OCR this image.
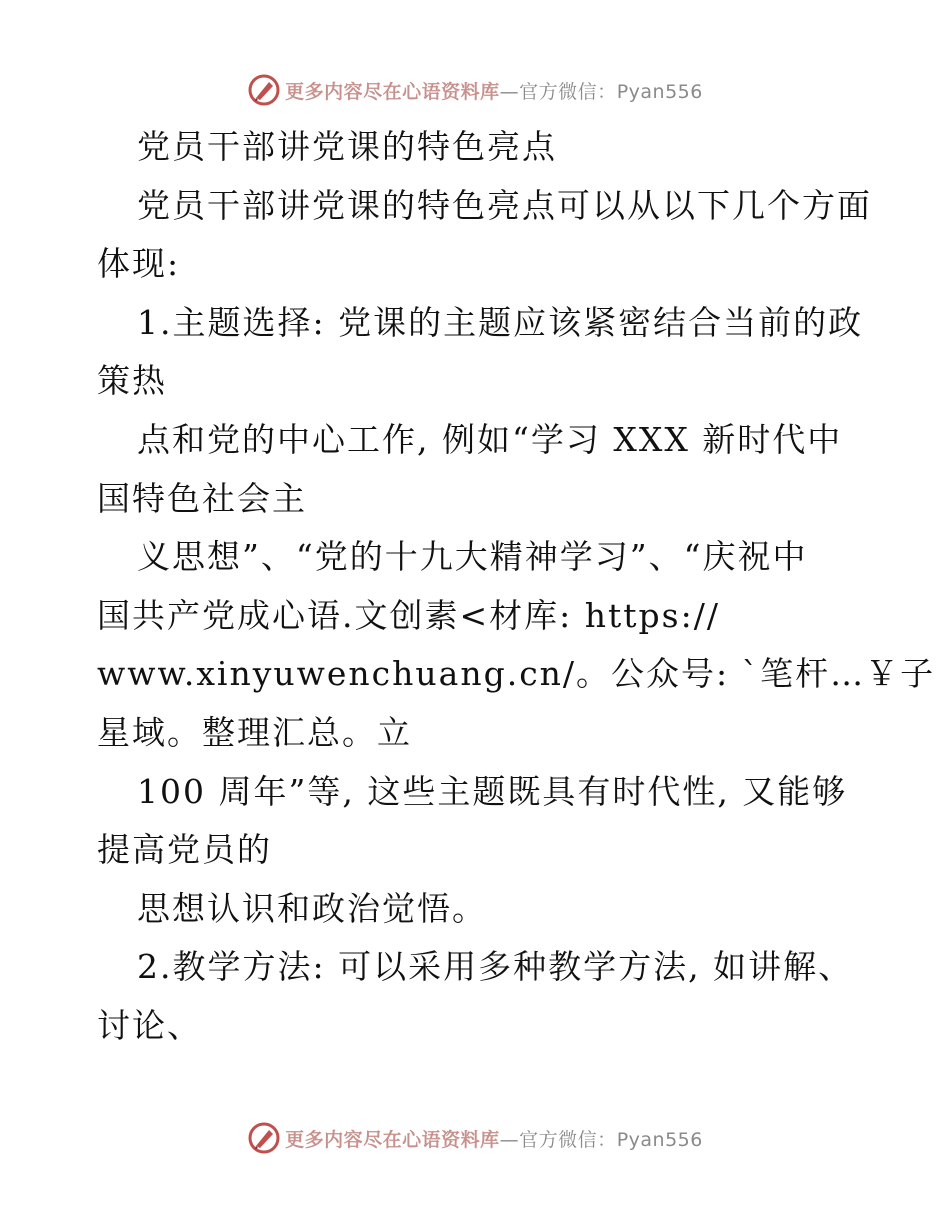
更多内容尽在心语资料库—官方微信：Pyan556
党员干部讲党课的特色亮点
党员干部讲党课的特色亮点可以从以下几个方面
体现:
1.主题选择: 党课的主题应该紧密结合当前的政
策热
点和党的中心工作, 例如“学习 XXX 新时代中
国特色社会主
义思想”、“党的十九大精神学习”、“庆祝中
国共产党成心语.文创素<材库: https://
www.xinyuwenchuang.cn/。公众号: `笔杆…￥子
星域。整理汇总。立
100 周年”等, 这些主题既具有时代性, 又能够
提高党员的
思想认识和政治觉悟。
2.教学方法: 可以采用多种教学方法, 如讲解、
讨论、
更多内容尽在心语资料库—官方微信：Pyan556
